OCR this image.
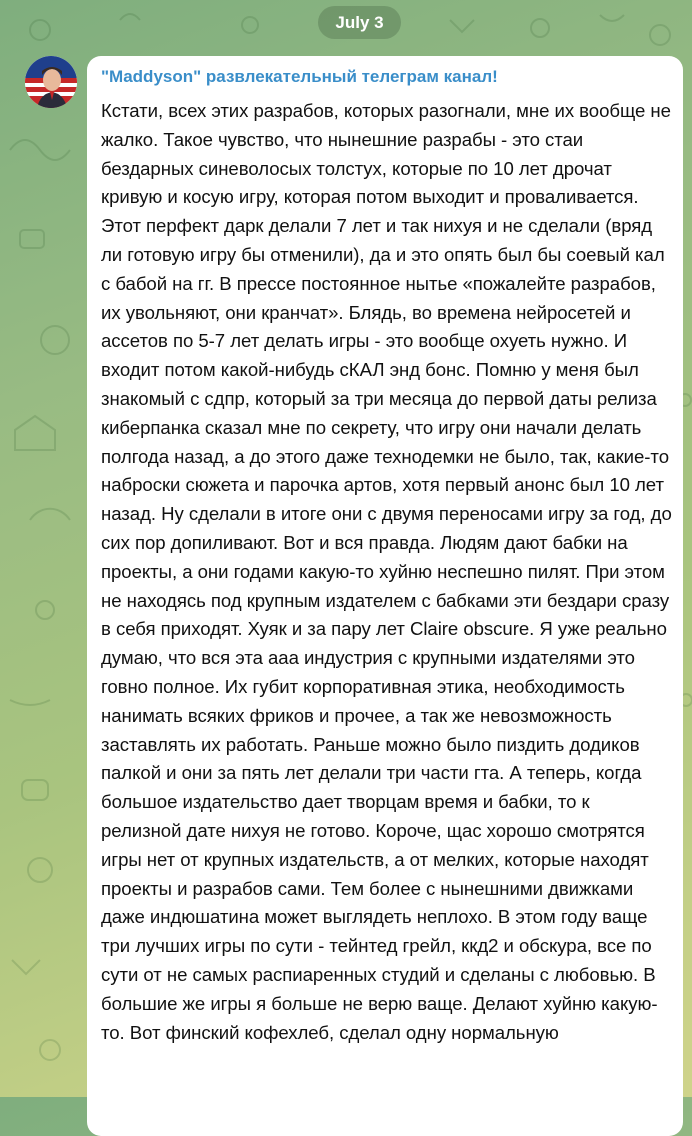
July 3
"Maddyson" развлекательный телеграм канал!
Кстати, всех этих разрабов, которых разогнали, мне их вообще не жалко. Такое чувство, что нынешние разрабы - это стаи бездарных синеволосых толстух, которые по 10 лет дрочат кривую и косую игру, которая потом выходит и проваливается. Этот перфект дарк делали 7 лет и так нихуя и не сделали (вряд ли готовую игру бы отменили), да и это опять был бы соевый кал с бабой на гг. В прессе постоянное нытье «пожалейте разрабов, их увольняют, они кранчат». Блядь, во времена нейросетей и ассетов по 5-7 лет делать игры - это вообще охуеть нужно. И входит потом какой-нибудь сКАЛ энд бонс. Помню у меня был знакомый с сдпр, который за три месяца до первой даты релиза киберпанка сказал мне по секрету, что игру они начали делать полгода назад, а до этого даже технодемки не было, так, какие-то наброски сюжета и парочка артов, хотя первый анонс был 10 лет назад. Ну сделали в итоге они с двумя переносами игру за год, до сих пор допиливают. Вот и вся правда. Людям дают бабки на проекты, а они годами какую-то хуйню неспешно пилят. При этом не находясь под крупным издателем с бабками эти бездари сразу в себя приходят. Хуяк и за пару лет Claire obscure. Я уже реально думаю, что вся эта ааа индустрия с крупными издателями это говно полное. Их губит корпоративная этика, необходимость нанимать всяких фриков и прочее, а так же невозможность заставлять их работать. Раньше можно было пиздить додиков палкой и они за пять лет делали три части гта. А теперь, когда большое издательство дает творцам время и бабки, то к релизной дате нихуя не готово. Короче, щас хорошо смотрятся игры нет от крупных издательств, а от мелких, которые находят проекты и разрабов сами. Тем более с нынешними движками даже индюшатина может выглядеть неплохо. В этом году ваще три лучших игры по сути - тейнтед грейл, ккд2 и обскура, все по сути от не самых распиаренных студий и сделаны с любовью. В большие же игры я больше не верю ваще. Делают хуйню какую-то. Вот финский кофехлеб, сделал одну нормальную
